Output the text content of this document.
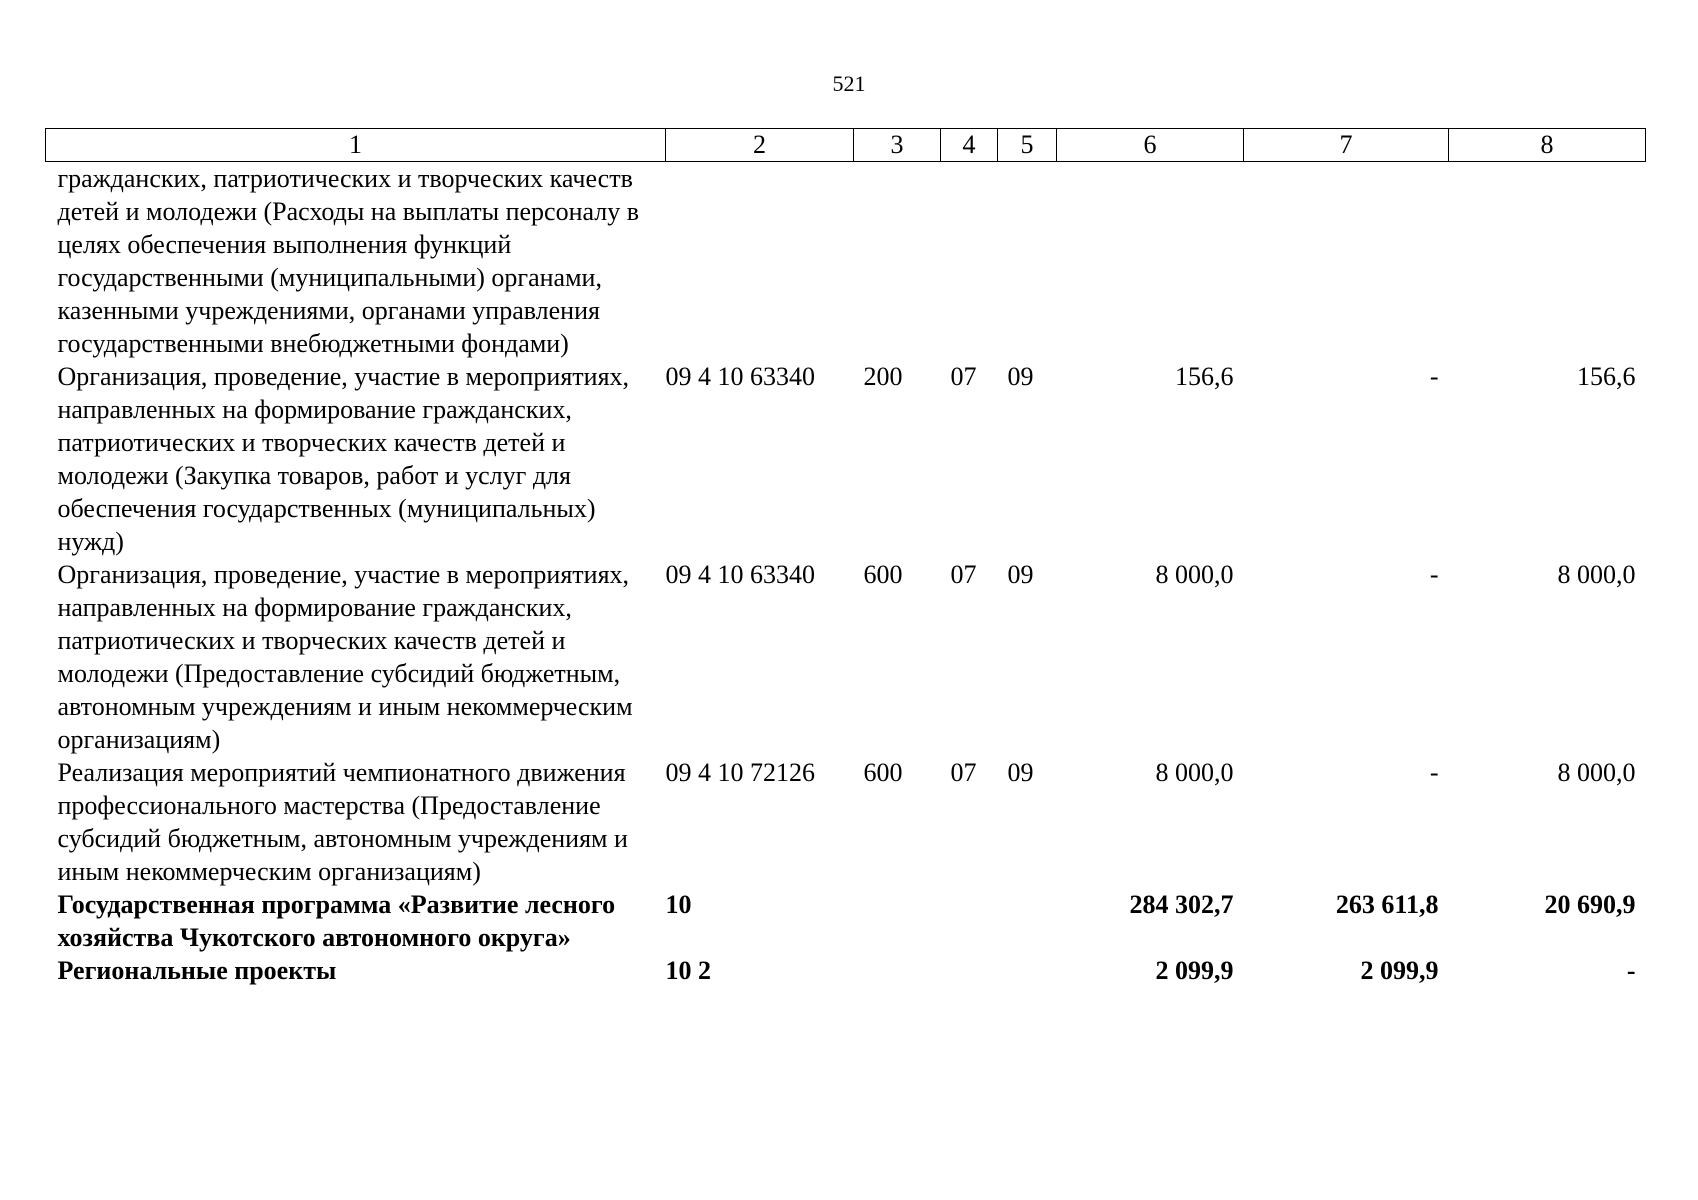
521
1	2	3	4	5	6	7	8
гражданских, патриотических и творческих качеств детей и молодежи (Расходы на выплаты персоналу в целях обеспечения выполнения функций государственными (муниципальными) органами, казенными учреждениями, органами управления государственными внебюджетными фондами)							
Организация, проведение, участие в мероприятиях, направленных на формирование гражданских, патриотических и творческих качеств детей и молодежи (Закупка товаров, работ и услуг для обеспечения государственных (муниципальных) нужд)	09 4 10 63340	200	07	09	156,6	-	156,6
Организация, проведение, участие в мероприятиях, направленных на формирование гражданских, патриотических и творческих качеств детей и молодежи (Предоставление субсидий бюджетным, автономным учреждениям и иным некоммерческим организациям)	09 4 10 63340	600	07	09	8 000,0	-	8 000,0
Реализация мероприятий чемпионатного движения профессионального мастерства (Предоставление субсидий бюджетным, автономным учреждениям и иным некоммерческим организациям)	09 4 10 72126	600	07	09	8 000,0	-	8 000,0
Государственная программа «Развитие лесного хозяйства Чукотского автономного округа»	10				284 302,7	263 611,8	20 690,9
Региональные проекты	10 2				2 099,9	2 099,9	-
